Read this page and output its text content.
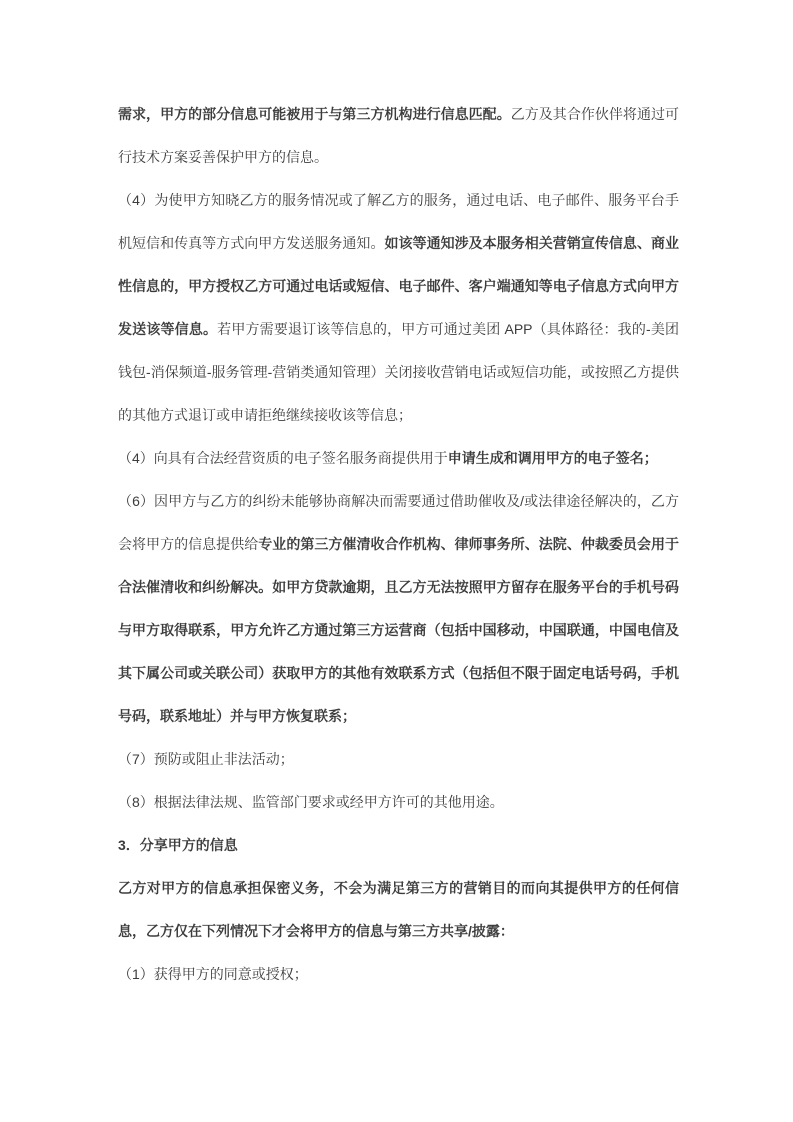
需求，甲方的部分信息可能被用于与第三方机构进行信息匹配。乙方及其合作伙伴将通过可行技术方案妥善保护甲方的信息。

（4）为使甲方知晓乙方的服务情况或了解乙方的服务，通过电话、电子邮件、服务平台手机短信和传真等方式向甲方发送服务通知。如该等通知涉及本服务相关营销宣传信息、商业性信息的，甲方授权乙方可通过电话或短信、电子邮件、客户端通知等电子信息方式向甲方发送该等信息。若甲方需要退订该等信息的，甲方可通过美团 APP（具体路径：我的-美团钱包-消保频道-服务管理-营销类通知管理）关闭接收营销电话或短信功能，或按照乙方提供的其他方式退订或申请拒绝继续接收该等信息；

（4）向具有合法经营资质的电子签名服务商提供用于申请生成和调用甲方的电子签名；

（6）因甲方与乙方的纠纷未能够协商解决而需要通过借助催收及/或法律途径解决的，乙方会将甲方的信息提供给专业的第三方催清收合作机构、律师事务所、法院、仲裁委员会用于合法催清收和纠纷解决。如甲方贷款逾期，且乙方无法按照甲方留存在服务平台的手机号码与甲方取得联系，甲方允许乙方通过第三方运营商（包括中国移动，中国联通，中国电信及其下属公司或关联公司）获取甲方的其他有效联系方式（包括但不限于固定电话号码，手机号码，联系地址）并与甲方恢复联系；

（7）预防或阻止非法活动；

（8）根据法律法规、监管部门要求或经甲方许可的其他用途。

3．分享甲方的信息

乙方对甲方的信息承担保密义务，不会为满足第三方的营销目的而向其提供甲方的任何信息，乙方仅在下列情况下才会将甲方的信息与第三方共享/披露：

（1）获得甲方的同意或授权；
